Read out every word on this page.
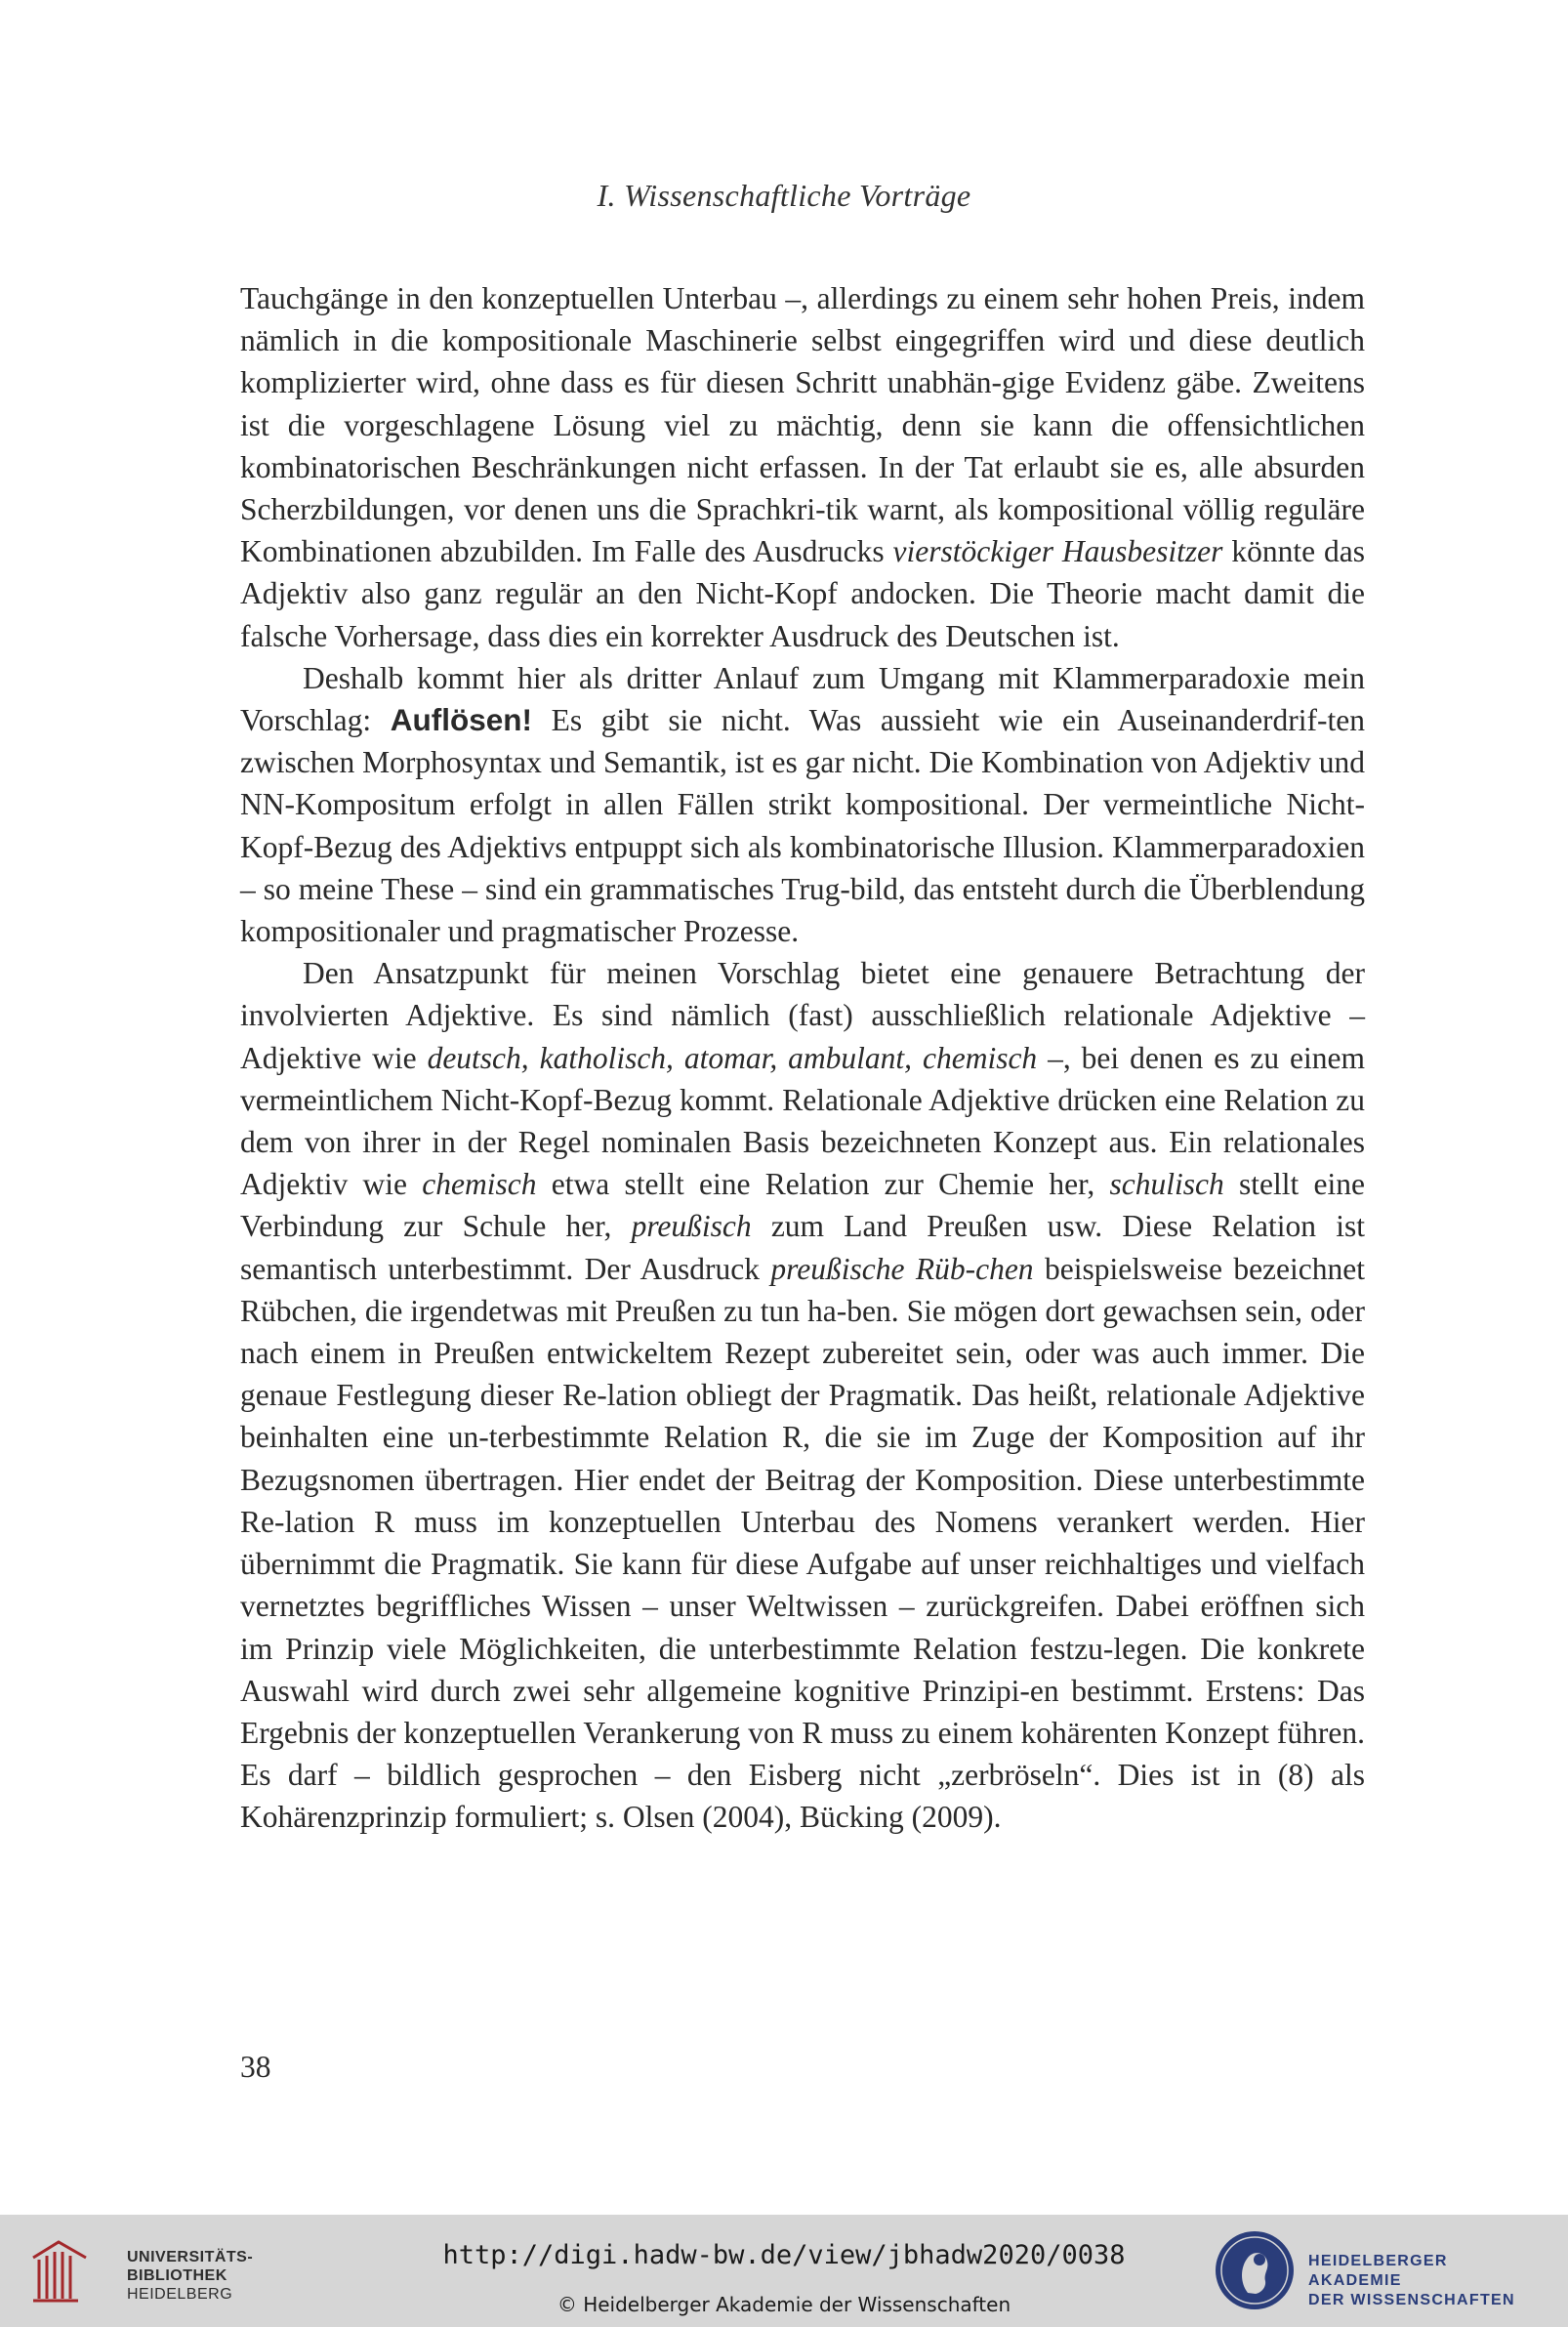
I. Wissenschaftliche Vorträge

Tauchgänge in den konzeptuellen Unterbau –, allerdings zu einem sehr hohen Preis, indem nämlich in die kompositionale Maschinerie selbst eingegriffen wird und diese deutlich komplizierter wird, ohne dass es für diesen Schritt unabhän-gige Evidenz gäbe. Zweitens ist die vorgeschlagene Lösung viel zu mächtig, denn sie kann die offensichtlichen kombinatorischen Beschränkungen nicht erfassen. In der Tat erlaubt sie es, alle absurden Scherzbildungen, vor denen uns die Sprachkri-tik warnt, als kompositional völlig reguläre Kombinationen abzubilden. Im Falle des Ausdrucks vierstöckiger Hausbesitzer könnte das Adjektiv also ganz regulär an den Nicht-Kopf andocken. Die Theorie macht damit die falsche Vorhersage, dass dies ein korrekter Ausdruck des Deutschen ist.

Deshalb kommt hier als dritter Anlauf zum Umgang mit Klammerparadoxie mein Vorschlag: Auflösen! Es gibt sie nicht. Was aussieht wie ein Auseinanderdrif-ten zwischen Morphosyntax und Semantik, ist es gar nicht. Die Kombination von Adjektiv und NN-Kompositum erfolgt in allen Fällen strikt kompositional. Der vermeintliche Nicht-Kopf-Bezug des Adjektivs entpuppt sich als kombinatorische Illusion. Klammerparadoxien – so meine These – sind ein grammatisches Trug-bild, das entsteht durch die Überblendung kompositionaler und pragmatischer Prozesse.

Den Ansatzpunkt für meinen Vorschlag bietet eine genauere Betrachtung der involvierten Adjektive. Es sind nämlich (fast) ausschließlich relationale Adjektive – Adjektive wie deutsch, katholisch, atomar, ambulant, chemisch –, bei denen es zu einem vermeintlichem Nicht-Kopf-Bezug kommt. Relationale Adjektive drücken eine Relation zu dem von ihrer in der Regel nominalen Basis bezeichneten Konzept aus. Ein relationales Adjektiv wie chemisch etwa stellt eine Relation zur Chemie her, schulisch stellt eine Verbindung zur Schule her, preußisch zum Land Preußen usw. Diese Relation ist semantisch unterbestimmt. Der Ausdruck preußische Rüb-chen beispielsweise bezeichnet Rübchen, die irgendetwas mit Preußen zu tun ha-ben. Sie mögen dort gewachsen sein, oder nach einem in Preußen entwickeltem Rezept zubereitet sein, oder was auch immer. Die genaue Festlegung dieser Re-lation obliegt der Pragmatik. Das heißt, relationale Adjektive beinhalten eine un-terbestimmte Relation R, die sie im Zuge der Komposition auf ihr Bezugsnomen übertragen. Hier endet der Beitrag der Komposition. Diese unterbestimmte Re-lation R muss im konzeptuellen Unterbau des Nomens verankert werden. Hier übernimmt die Pragmatik. Sie kann für diese Aufgabe auf unser reichhaltiges und vielfach vernetztes begriffliches Wissen – unser Weltwissen – zurückgreifen. Dabei eröffnen sich im Prinzip viele Möglichkeiten, die unterbestimmte Relation festzu-legen. Die konkrete Auswahl wird durch zwei sehr allgemeine kognitive Prinzipi-en bestimmt. Erstens: Das Ergebnis der konzeptuellen Verankerung von R muss zu einem kohärenten Konzept führen. Es darf – bildlich gesprochen – den Eisberg nicht „zerbröseln“. Dies ist in (8) als Kohärenzprinzip formuliert; s. Olsen (2004), Bücking (2009).

38
UNIVERSITÄTS-
BIBLIOTHEK
HEIDELBERG
http://digi.hadw-bw.de/view/jbhadw2020/0038
© Heidelberger Akademie der Wissenschaften
HEIDELBERGER AKADEMIE
DER WISSENSCHAFTEN
